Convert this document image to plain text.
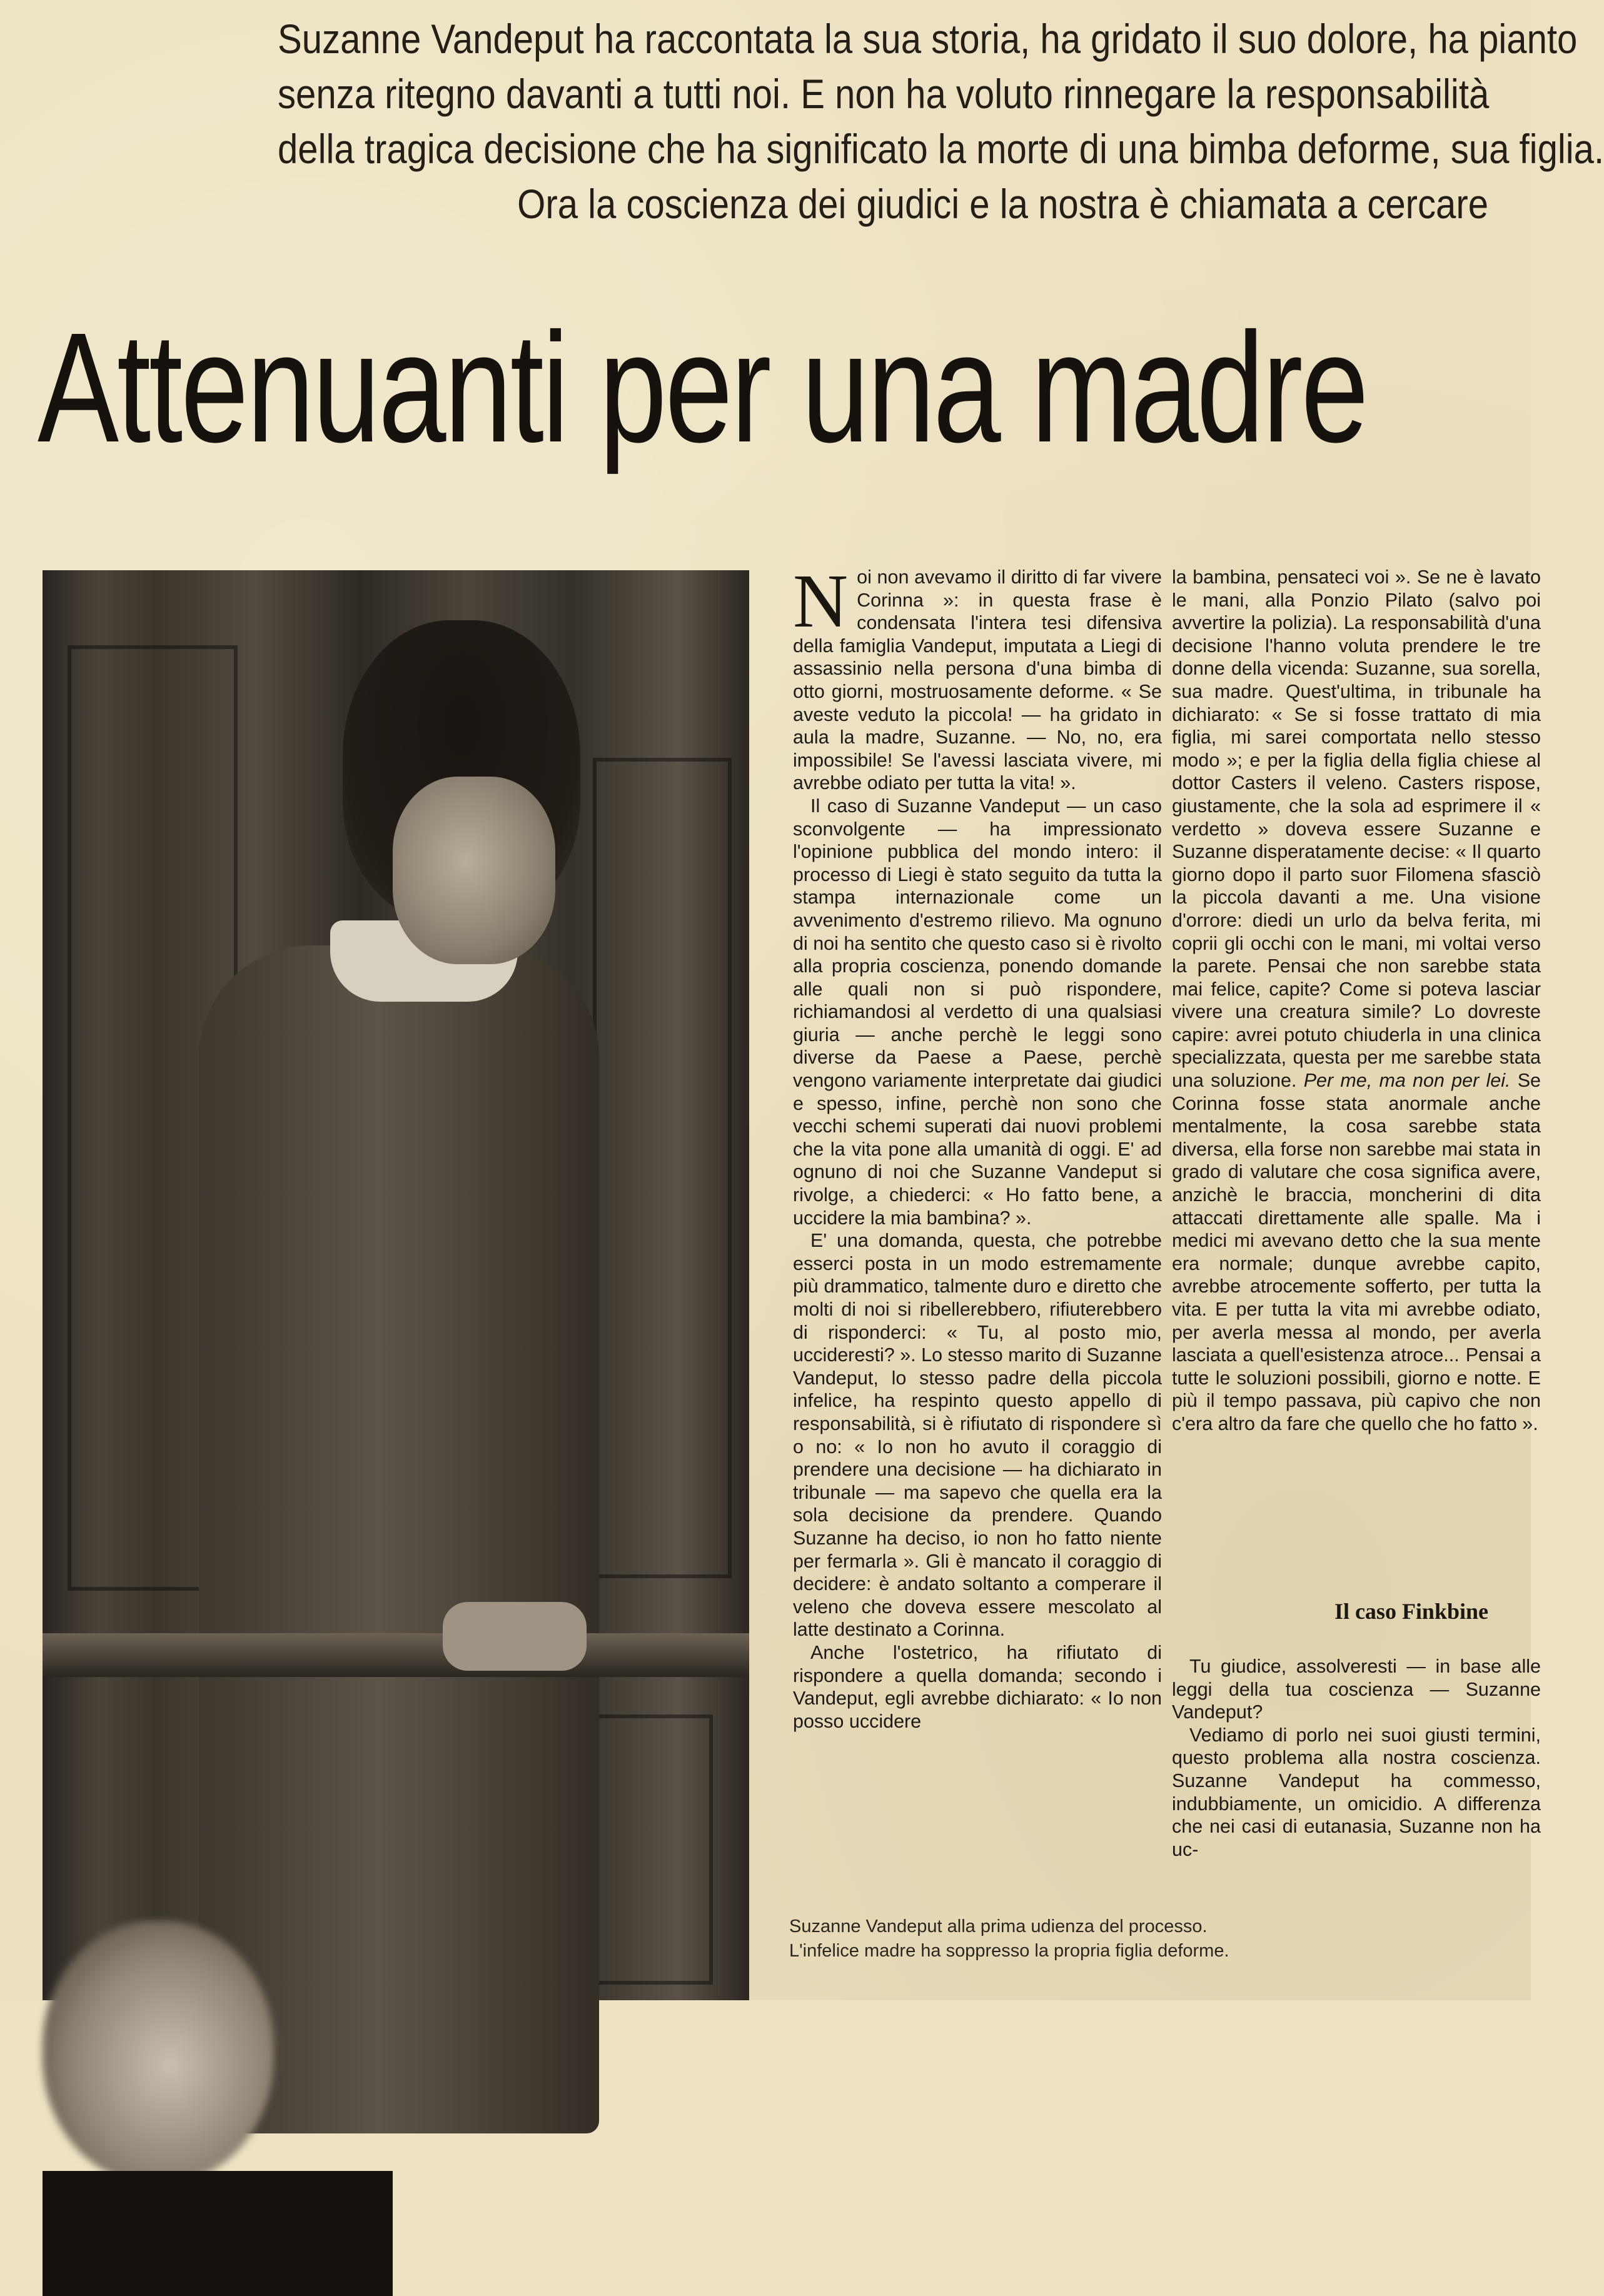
Suzanne Vandeput ha raccontata la sua storia, ha gridato il suo dolore, ha pianto
senza ritegno davanti a tutti noi. E non ha voluto rinnegare la responsabilità
della tragica decisione che ha significato la morte di una bimba deforme, sua figlia.
Ora la coscienza dei giudici e la nostra è chiamata a cercare
Attenuanti per una madre

Noi non avevamo il diritto di far vivere Corinna »: in questa frase è condensata l'intera tesi difensiva della famiglia Vandeput, imputata a Liegi di assassinio nella persona d'una bimba di otto giorni, mostruosamente deforme. « Se aveste veduto la piccola! — ha gridato in aula la madre, Suzanne. — No, no, era impossibile! Se l'avessi lasciata vivere, mi avrebbe odiato per tutta la vita! ».

Il caso di Suzanne Vandeput — un caso sconvolgente — ha impressionato l'opinione pubblica del mondo intero: il processo di Liegi è stato seguito da tutta la stampa internazionale come un avvenimento d'estremo rilievo. Ma ognuno di noi ha sentito che questo caso si è rivolto alla propria coscienza, ponendo domande alle quali non si può rispondere, richiamandosi al verdetto di una qualsiasi giuria — anche perchè le leggi sono diverse da Paese a Paese, perchè vengono variamente interpretate dai giudici e spesso, infine, perchè non sono che vecchi schemi superati dai nuovi problemi che la vita pone alla umanità di oggi. E' ad ognuno di noi che Suzanne Vandeput si rivolge, a chiederci: « Ho fatto bene, a uccidere la mia bambina? ».

E' una domanda, questa, che potrebbe esserci posta in un modo estremamente più drammatico, talmente duro e diretto che molti di noi si ribellerebbero, rifiuterebbero di risponderci: « Tu, al posto mio, uccideresti? ». Lo stesso marito di Suzanne Vandeput, lo stesso padre della piccola infelice, ha respinto questo appello di responsabilità, si è rifiutato di rispondere sì o no: « Io non ho avuto il coraggio di prendere una decisione — ha dichiarato in tribunale — ma sapevo che quella era la sola decisione da prendere. Quando Suzanne ha deciso, io non ho fatto niente per fermarla ». Gli è mancato il coraggio di decidere: è andato soltanto a comperare il veleno che doveva essere mescolato al latte destinato a Corinna.

Anche l'ostetrico, ha rifiutato di rispondere a quella domanda; secondo i Vandeput, egli avrebbe dichiarato: « Io non posso uccidere

la bambina, pensateci voi ». Se ne è lavato le mani, alla Ponzio Pilato (salvo poi avvertire la polizia). La responsabilità d'una decisione l'hanno voluta prendere le tre donne della vicenda: Suzanne, sua sorella, sua madre. Quest'ultima, in tribunale ha dichiarato: « Se si fosse trattato di mia figlia, mi sarei comportata nello stesso modo »; e per la figlia della figlia chiese al dottor Casters il veleno. Casters rispose, giustamente, che la sola ad esprimere il « verdetto » doveva essere Suzanne e Suzanne disperatamente decise: « Il quarto giorno dopo il parto suor Filomena sfasciò la piccola davanti a me. Una visione d'orrore: diedi un urlo da belva ferita, mi coprii gli occhi con le mani, mi voltai verso la parete. Pensai che non sarebbe stata mai felice, capite? Come si poteva lasciar vivere una creatura simile? Lo dovreste capire: avrei potuto chiuderla in una clinica specializzata, questa per me sarebbe stata una soluzione. Per me, ma non per lei. Se Corinna fosse stata anormale anche mentalmente, la cosa sarebbe stata diversa, ella forse non sarebbe mai stata in grado di valutare che cosa significa avere, anzichè le braccia, moncherini di dita attaccati direttamente alle spalle. Ma i medici mi avevano detto che la sua mente era normale; dunque avrebbe capito, avrebbe atrocemente sofferto, per tutta la vita. E per tutta la vita mi avrebbe odiato, per averla messa al mondo, per averla lasciata a quell'esistenza atroce... Pensai a tutte le soluzioni possibili, giorno e notte. E più il tempo passava, più capivo che non c'era altro da fare che quello che ho fatto ».

Il caso Finkbine

Tu giudice, assolveresti — in base alle leggi della tua coscienza — Suzanne Vandeput?

Vediamo di porlo nei suoi giusti termini, questo problema alla nostra coscienza. Suzanne Vandeput ha commesso, indubbiamente, un omicidio. A differenza che nei casi di eutanasia, Suzanne non ha uc-

Suzanne Vandeput alla prima udienza del processo.
L'infelice madre ha soppresso la propria figlia deforme.
